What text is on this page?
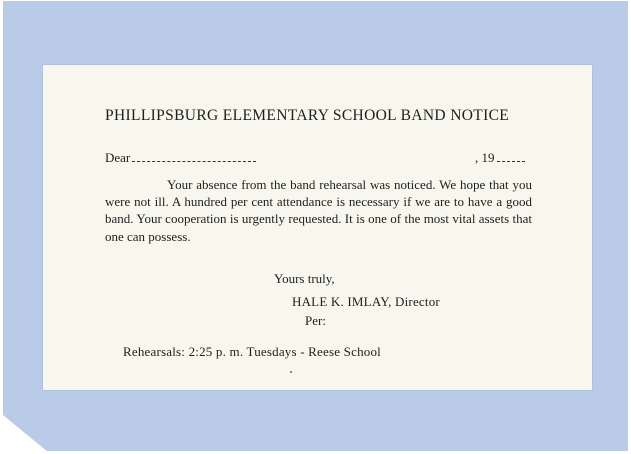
PHILLIPSBURG ELEMENTARY SCHOOL BAND NOTICE
Dear	, 19
Your absence from the band rehearsal was noticed. We hope that you were not ill. A hundred per cent attendance is necessary if we are to have a good band. Your cooperation is urgently requested. It is one of the most vital assets that one can possess.
Yours truly,
HALE K. IMLAY, Director
Per:
Rehearsals: 2:25 p. m. Tuesdays - Reese School
